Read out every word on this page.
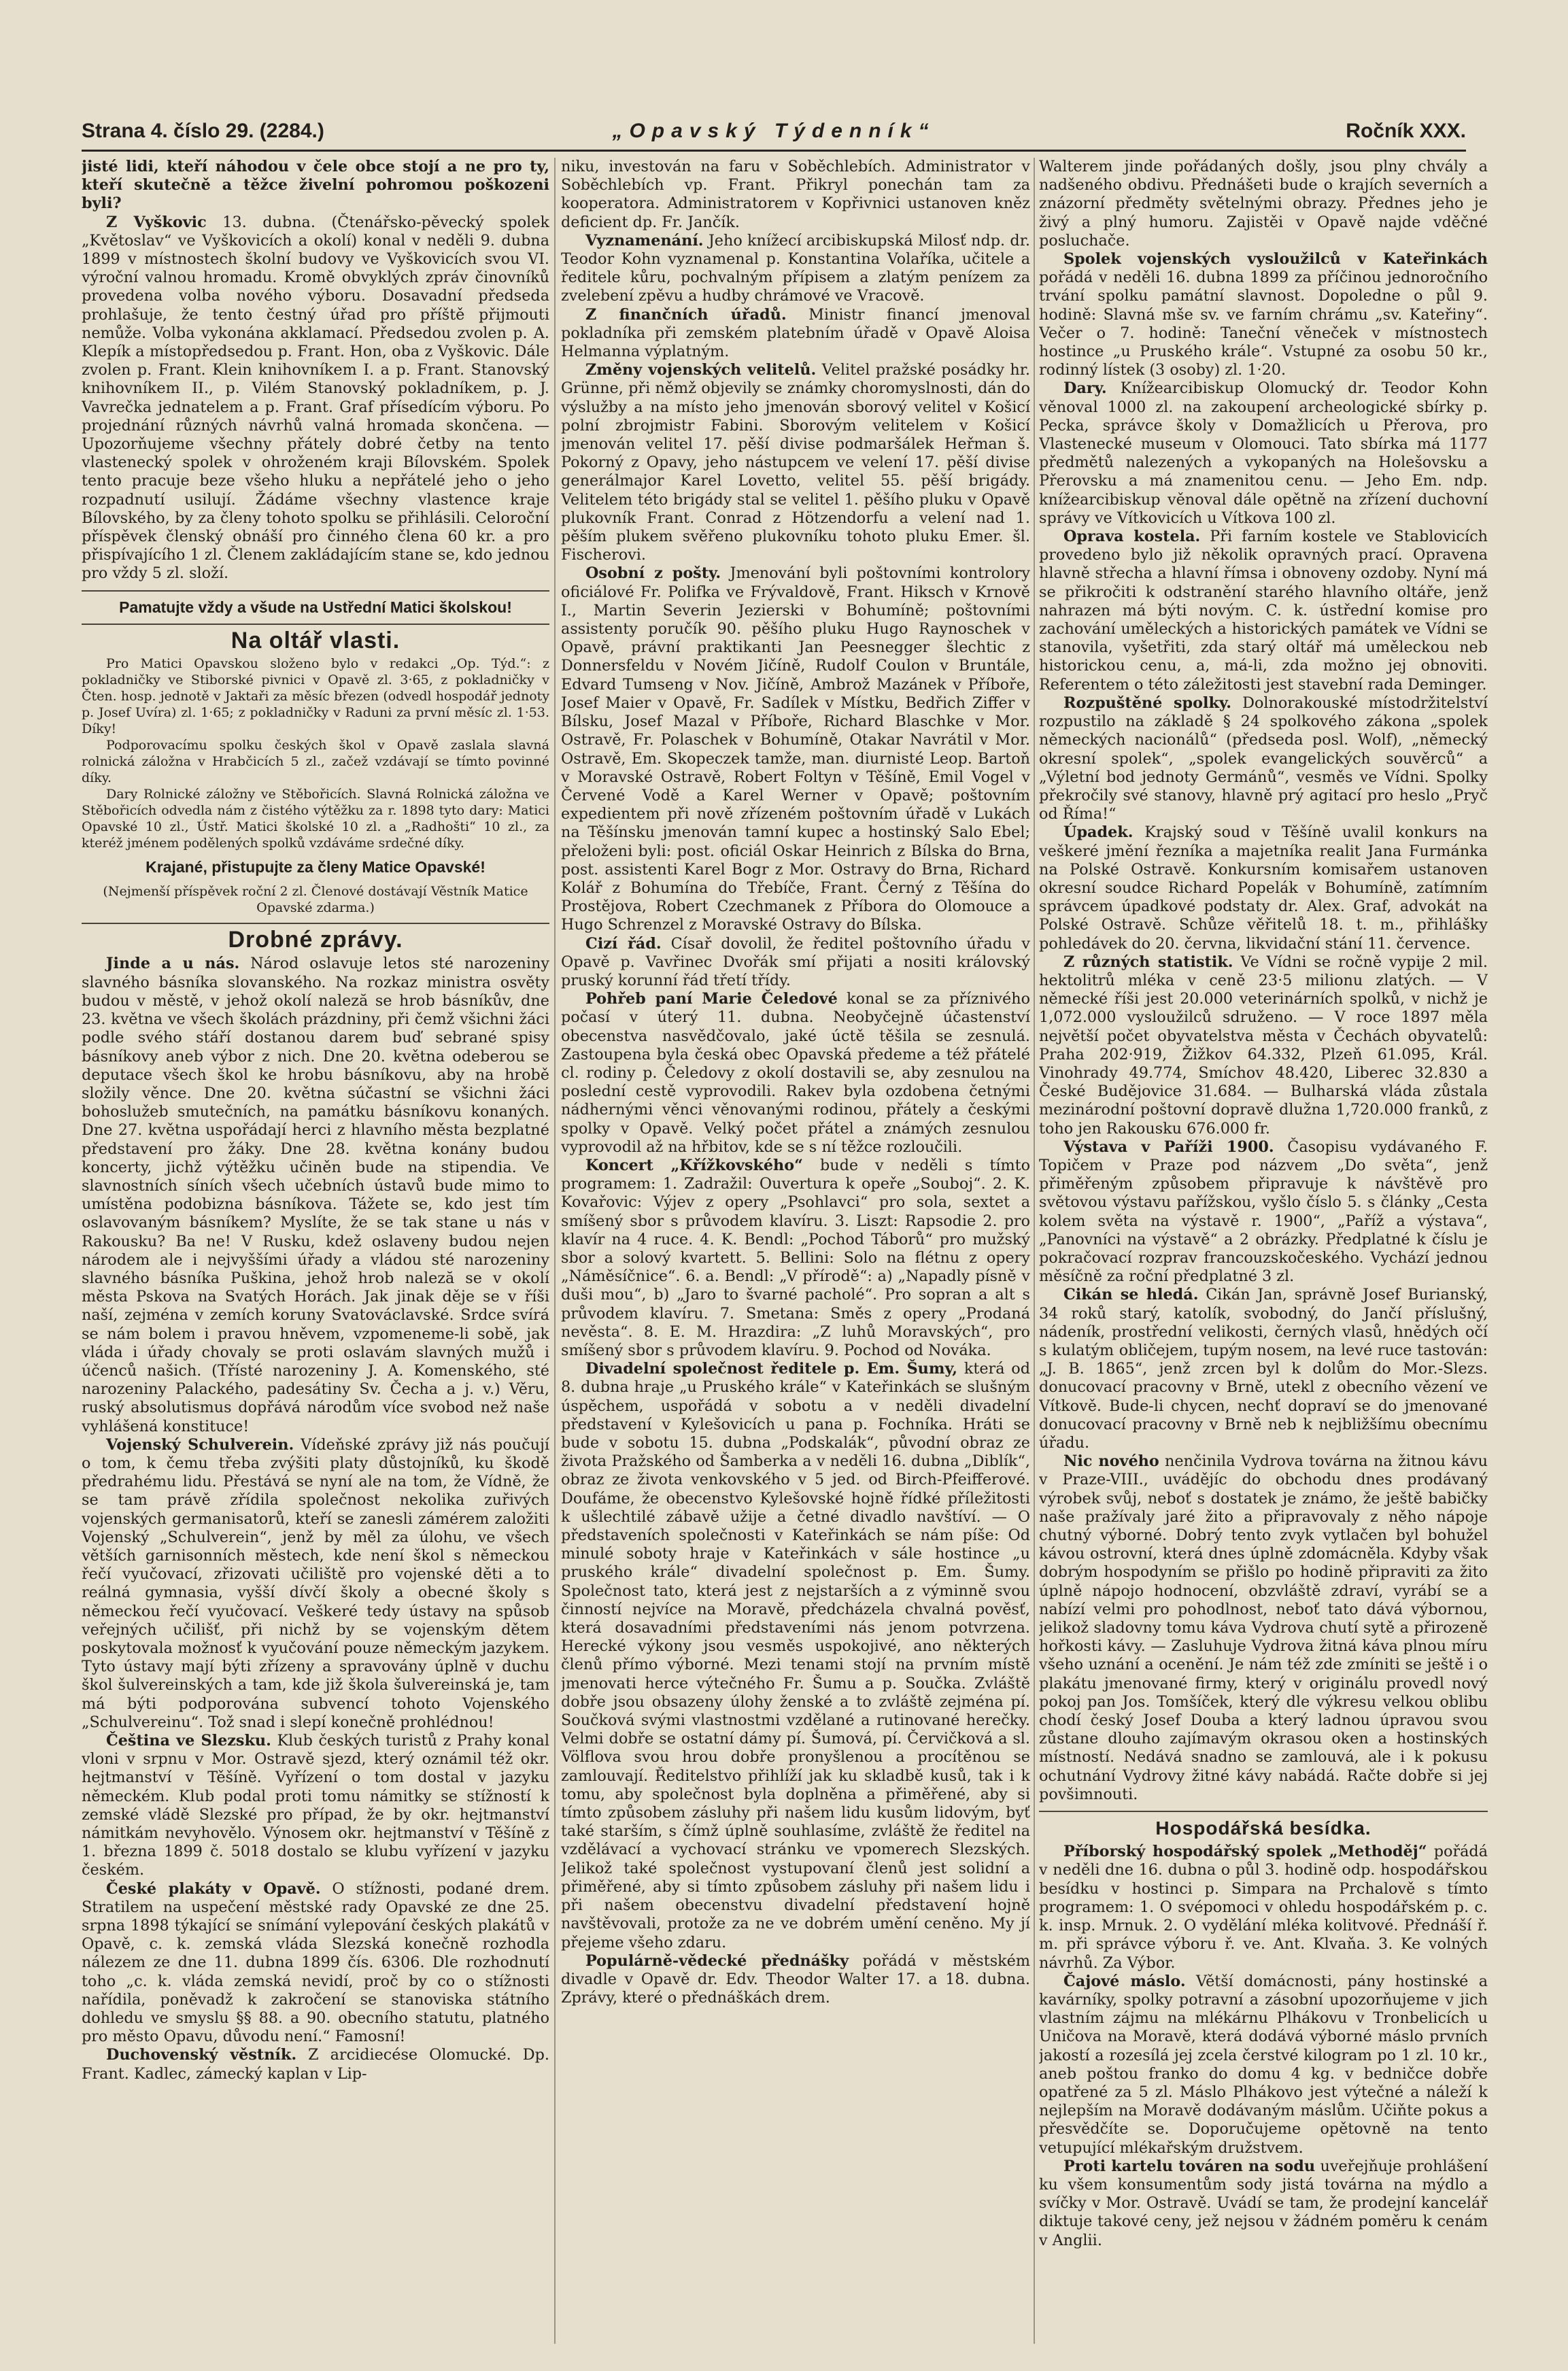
Strana 4. číslo 29. (2284.)	„Opavský Týdenník“	Ročník XXX.

jisté lidi, kteří náhodou v čele obce stojí a ne pro ty, kteří skutečně a těžce živelní pohromou poškozeni byli?

Z Vyškovic 13. dubna. (Čtenářsko-pěvecký spolek „Květoslav“ ve Vyškovicích a okolí) konal v neděli 9. dubna 1899 v místnostech školní budovy ve Vyškovicích svou VI. výroční valnou hromadu. Kromě obvyklých zpráv činovníků provedena volba nového výboru. Dosavadní předseda prohlašuje, že tento čestný úřad pro příště přijmouti nemůže. Volba vykonána akklamací. Předsedou zvolen p. A. Klepík a místopředsedou p. Frant. Hon, oba z Vyškovic. Dále zvolen p. Frant. Klein knihovníkem I. a p. Frant. Stanovský knihovníkem II., p. Vilém Stanovský pokladníkem, p. J. Vavrečka jednatelem a p. Frant. Graf přísedícím výboru. Po projednání různých návrhů valná hromada skončena. — Upozorňujeme všechny přátely dobré četby na tento vlastenecký spolek v ohroženém kraji Bílovském. Spolek tento pracuje beze všeho hluku a nepřátelé jeho o jeho rozpadnutí usilují. Žádáme všechny vlastence kraje Bílovského, by za členy tohoto spolku se přihlásili. Celoroční příspěvek členský obnáší pro činného člena 60 kr. a pro přispívajícího 1 zl. Členem zakládajícím stane se, kdo jednou pro vždy 5 zl. složí.

Pamatujte vždy a všude na Ustřední Matici školskou!

Na oltář vlasti.

Pro Matici Opavskou složeno bylo v redakci „Op. Týd.“: z pokladničky ve Stiborské pivnici v Opavě zl. 3·65, z pokladničky v Čten. hosp. jednotě v Jaktaři za měsíc březen (odvedl hospodář jednoty p. Josef Uvíra) zl. 1·65; z pokladničky v Raduni za první měsíc zl. 1·53. Díky!

Podporovacímu spolku českých škol v Opavě zaslala slavná rolnická záložna v Hrabčicích 5 zl., začež vzdávají se tímto povinné díky.

Dary Rolnické záložny ve Stěbořicích. Slavná Rolnická záložna ve Stěbořicích odvedla nám z čistého výtěžku za r. 1898 tyto dary: Matici Opavské 10 zl., Ústř. Matici školské 10 zl. a „Radhošti“ 10 zl., za kteréž jménem podělených spolků vzdáváme srdečné díky.

Krajané, přistupujte za členy Matice Opavské!

(Nejmenší příspěvek roční 2 zl. Členové dostávají Věstník Matice Opavské zdarma.)

Drobné zprávy.

Jinde a u nás. Národ oslavuje letos sté narozeniny slavného básníka slovanského. Na rozkaz ministra osvěty budou v městě, v jehož okolí naleză se hrob básníkův, dne 23. května ve všech školách prázdniny, při čemž všichni žáci podle svého stáří dostanou darem buď sebrané spisy básníkovy aneb výbor z nich. Dne 20. května odeberou se deputace všech škol ke hrobu básníkovu, aby na hrobě složily věnce. Dne 20. května súčastní se všichni žáci bohoslužeb smutečních, na památku básníkovu konaných. Dne 27. května uspořádají herci z hlavního města bezplatné představení pro žáky. Dne 28. května konány budou koncerty, jichž výtěžku učiněn bude na stipendia. Ve slavnostních síních všech učebních ústavů bude mimo to umístěna podobizna básníkova. Tážete se, kdo jest tím oslavovaným básníkem? Myslíte, že se tak stane u nás v Rakousku? Ba ne! V Rusku, kdež oslaveny budou nejen národem ale i nejvyššími úřady a vládou sté narozeniny slavného básníka Puškina, jehož hrob naleză se v okolí města Pskova na Svatých Horách. Jak jinak děje se v říši naší, zejména v zemích koruny Svatováclavské. Srdce svírá se nám bolem i pravou hněvem, vzpomeneme-li sobě, jak vláda i úřady chovaly se proti oslavám slavných mužů i účenců našich. (Třísté narozeniny J. A. Komenského, sté narozeniny Palackého, padesátiny Sv. Čecha a j. v.) Věru, ruský absolutismus dopřává národům více svobod než naše vyhlášená konstituce!

Vojenský Schulverein. Vídeňské zprávy již nás poučují o tom, k čemu třeba zvýšiti platy důstojníků, ku škodě předrahému lidu. Přestává se nyní ale na tom, že Vídně, že se tam právě zřídila společnost nekolika zuřivých vojenských germanisatorů, kteří se zanesli zámérem založiti Vojenský „Schulverein“, jenž by měl za úlohu, ve všech větších garnisonních městech, kde není škol s německou řečí vyučovací, zřizovati učiliště pro vojenské děti a to reálná gymnasia, vyšší dívčí školy a obecné školy s německou řečí vyučovací. Veškeré tedy ústavy na spůsob veřejných učilišť, při nichž by se vojenským dětem poskytovala možnosť k vyučování pouze německým jazykem. Tyto ústavy mají býti zřízeny a spravovány úplně v duchu škol šulvereinských a tam, kde již škola šulvereinská je, tam má býti podporována subvencí tohoto Vojenského „Schulvereinu“. Tož snad i slepí konečně prohlédnou!

Čeština ve Slezsku. Klub českých turistů z Prahy konal vloni v srpnu v Mor. Ostravě sjezd, který oznámil též okr. hejtmanství v Těšíně. Vyřízení o tom dostal v jazyku německém. Klub podal proti tomu námitky se stížností k zemské vládě Slezské pro případ, že by okr. hejtmanství námitkám nevyhovělo. Výnosem okr. hejtmanství v Těšíně z 1. března 1899 č. 5018 dostalo se klubu vyřízení v jazyku českém.

České plakáty v Opavě. O stížnosti, podané drem. Stratilem na uspečení městské rady Opavské ze dne 25. srpna 1898 týkající se snímání vylepování českých plakátů v Opavě, c. k. zemská vláda Slezská konečně rozhodla nálezem ze dne 11. dubna 1899 čís. 6306. Dle rozhodnutí toho „c. k. vláda zemská nevidí, proč by co o stížnosti nařídila, poněvadž k zakročení se stanoviska státního dohledu ve smyslu §§ 88. a 90. obecního statutu, platného pro město Opavu, důvodu není.“ Famosní!

Duchovenský věstník. Z arcidiecése Olomucké. Dp. Frant. Kadlec, zámecký kaplan v Lip-

niku, investován na faru v Soběchlebích. Administrator v Soběchlebích vp. Frant. Přikryl ponechán tam za kooperatora. Administratorem v Kopřivnici ustanoven kněz deficient dp. Fr. Jančík.

Vyznamenání. Jeho knížecí arcibiskupská Milosť ndp. dr. Teodor Kohn vyznamenal p. Konstantina Volaříka, učitele a ředitele kůru, pochvalným přípisem a zlatým penízem za zvelebení zpěvu a hudby chrámové ve Vracově.

Z finančních úřadů. Ministr financí jmenoval pokladníka při zemském platebním úřadě v Opavě Aloisa Helmanna výplatným.

Změny vojenských velitelů. Velitel pražské posádky hr. Grünne, při němž objevily se známky choromyslnosti, dán do výslužby a na místo jeho jmenován sborový velitel v Košicí polní zbrojmistr Fabini. Sborovým velitelem v Košicí jmenován velitel 17. pěší divise podmaršálek Heřman š. Pokorný z Opavy, jeho nástupcem ve velení 17. pěší divise generálmajor Karel Lovetto, velitel 55. pěší brigády. Velitelem této brigády stal se velitel 1. pěšího pluku v Opavě plukovník Frant. Conrad z Hötzendorfu a velení nad 1. pěším plukem svěřeno plukovníku tohoto pluku Emer. šl. Fischerovi.

Osobní z pošty. Jmenování byli poštovními kontrolory oficiálové Fr. Polifka ve Frývaldově, Frant. Hiksch v Krnově I., Martin Severin Jezierski v Bohumíně; poštovními assistenty poručík 90. pěšího pluku Hugo Raynoschek v Opavě, právní praktikanti Jan Peesnegger šlechtic z Donnersfeldu v Novém Jičíně, Rudolf Coulon v Bruntále, Edvard Tumseng v Nov. Jičíně, Ambrož Mazánek v Příboře, Josef Maier v Opavě, Fr. Sadílek v Místku, Bedřich Ziffer v Bílsku, Josef Mazal v Příboře, Richard Blaschke v Mor. Ostravě, Fr. Polaschek v Bohumíně, Otakar Navrátil v Mor. Ostravě, Em. Skopeczek tamže, man. diurnisté Leop. Bartoň v Moravské Ostravě, Robert Foltyn v Těšíně, Emil Vogel v Červené Vodě a Karel Werner v Opavě; poštovním expedientem při nově zřízeném poštovním úřadě v Lukách na Těšínsku jmenován tamní kupec a hostinský Salo Ebel; přeloženi byli: post. oficiál Oskar Heinrich z Bílska do Brna, post. assistenti Karel Bogr z Mor. Ostravy do Brna, Richard Kolář z Bohumína do Třebíče, Frant. Černý z Těšína do Prostějova, Robert Czechmanek z Příbora do Olomouce a Hugo Schrenzel z Moravské Ostravy do Bílska.

Cizí řád. Císař dovolil, že ředitel poštovního úřadu v Opavě p. Vavřinec Dvořák smí přijati a nositi královský pruský korunní řád třetí třídy.

Pohřeb paní Marie Čeledové konal se za příznivého počasí v úterý 11. dubna. Neobyčejně účastenství obecenstva nasvědčovalo, jaké úctě těšila se zesnulá. Zastoupena byla česká obec Opavská předeme a též přátelé cl. rodiny p. Čeledovy z okolí dostavili se, aby zesnulou na poslední cestě vyprovodili. Rakev byla ozdobena četnými nádhernými věnci věnovanými rodinou, přátely a českými spolky v Opavě. Velký počet přátel a známých zesnulou vyprovodil až na hřbitov, kde se s ní těžce rozloučili.

Koncert „Křížkovského“ bude v neděli s tímto programem: 1. Zadražil: Ouvertura k opeře „Souboj“. 2. K. Kovařovic: Výjev z opery „Psohlavci“ pro sola, sextet a smíšený sbor s průvodem klavíru. 3. Liszt: Rapsodie 2. pro klavír na 4 ruce. 4. K. Bendl: „Pochod Táborů“ pro mužský sbor a solový kvartett. 5. Bellini: Solo na flétnu z opery „Náměsíčnice“. 6. a. Bendl: „V přírodě“: a) „Napadly písně v duši mou“, b) „Jaro to švarné pacholé“. Pro sopran a alt s průvodem klavíru. 7. Smetana: Směs z opery „Prodaná nevěsta“. 8. E. M. Hrazdira: „Z luhů Moravských“, pro smíšený sbor s průvodem klavíru. 9. Pochod od Nováka.

Divadelní společnost ředitele p. Em. Šumy, která od 8. dubna hraje „u Pruského krále“ v Kateřinkách se slušným úspěchem, uspořádá v sobotu a v neděli divadelní představení v Kylešovicích u pana p. Fochníka. Hráti se bude v sobotu 15. dubna „Podskalák“, původní obraz ze života Pražského od Šamberka a v neděli 16. dubna „Diblík“, obraz ze života venkovského v 5 jed. od Birch-Pfeifferové. Doufáme, že obecenstvo Kylešovské hojně řídké příležitosti k ušlechtilé zábavě užije a četné divadlo navštíví. — O představeních společnosti v Kateřinkách se nám píše: Od minulé soboty hraje v Kateřinkách v sále hostince „u pruského krále“ divadelní společnost p. Em. Šumy. Společnost tato, která jest z nejstarších a z výminně svou činností nejvíce na Moravě, předcházela chvalná pověsť, která dosavadními představeními nás jenom potvrzena. Herecké výkony jsou vesměs uspokojivé, ano některých členů přímo výborné. Mezi tenami stojí na prvním místě jmenovati herce výtečného Fr. Šumu a p. Součka. Zvláště dobře jsou obsazeny úlohy ženské a to zvláště zejména pí. Součková svými vlastnostmi vzdělané a rutinované herečky. Velmi dobře se ostatní dámy pí. Šumová, pí. Červičková a sl. Völflova svou hrou dobře pronyšlenou a procítěnou se zamlouvají. Ředitelstvo přihlíží jak ku skladbě kusů, tak i k tomu, aby společnost byla doplněna a přiměřené, aby si tímto způsobem zásluhy při našem lidu kusům lidovým, byť také starším, s čímž úplně souhlasíme, zvláště že ředitel na vzdělávací a vychovací stránku ve vpomerech Slezských. Jelikož také společnost vystupovaní členů jest solidní a přiměřené, aby si tímto způsobem zásluhy při našem lidu i při našem obecenstvu divadelní představení hojně navštěvovali, protože za ne ve dobrém umění ceněno. My jí přejeme všeho zdaru.

Populárně-vědecké přednášky pořádá v městském divadle v Opavě dr. Edv. Theodor Walter 17. a 18. dubna. Zprávy, které o přednáškách drem.

Walterem jinde pořádaných došly, jsou plny chvály a nadšeného obdivu. Přednášeti bude o krajích severních a znázorní předměty světelnými obrazy. Přednes jeho je živý a plný humoru. Zajistěi v Opavě najde vděčné posluchače.

Spolek vojenských vysloužilců v Kateřinkách pořádá v neděli 16. dubna 1899 za příčinou jednoročního trvání spolku památní slavnost. Dopoledne o půl 9. hodině: Slavná mše sv. ve farním chrámu „sv. Kateřiny“. Večer o 7. hodině: Taneční věneček v místnostech hostince „u Pruského krále“. Vstupné za osobu 50 kr., rodinný lístek (3 osoby) zl. 1·20.

Dary. Knížearcibiskup Olomucký dr. Teodor Kohn věnoval 1000 zl. na zakoupení archeologické sbírky p. Pecka, správce školy v Domažlicích u Přerova, pro Vlastenecké museum v Olomouci. Tato sbírka má 1177 předmětů nalezených a vykopaných na Holešovsku a Přerovsku a má znamenitou cenu. — Jeho Em. ndp. knížearcibiskup věnoval dále opětně na zřízení duchovní správy ve Vítkovicích u Vítkova 100 zl.

Oprava kostela. Při farním kostele ve Stablovicích provedeno bylo již několik opravných prací. Opravena hlavně střecha a hlavní římsa i obnoveny ozdoby. Nyní má se přikročiti k odstranění starého hlavního oltáře, jenž nahrazen má býti novým. C. k. ústřední komise pro zachování uměleckých a historických památek ve Vídni se stanovila, vyšetřiti, zda starý oltář má uměleckou neb historickou cenu, a, má-li, zda možno jej obnoviti. Referentem o této záležitosti jest stavební rada Deminger.

Rozpuštěné spolky. Dolnorakouské místodržitelství rozpustilo na základě § 24 spolkového zákona „spolek německých nacionálů“ (předseda posl. Wolf), „německý okresní spolek“, „spolek evangelických souvěrců“ a „Výletní bod jednoty Germánů“, vesměs ve Vídni. Spolky překročily své stanovy, hlavně prý agitací pro heslo „Pryč od Říma!“

Úpadek. Krajský soud v Těšíně uvalil konkurs na veškeré jmění řezníka a majetníka realit Jana Furmánka na Polské Ostravě. Konkursním komisařem ustanoven okresní soudce Richard Popelák v Bohumíně, zatímním správcem úpadkové podstaty dr. Alex. Graf, advokát na Polské Ostravě. Schůze věřitelů 18. t. m., přihlášky pohledávek do 20. června, likvidační stání 11. července.

Z různých statistik. Ve Vídni se ročně vypije 2 mil. hektolitrů mléka v ceně 23·5 milionu zlatých. — V německé říši jest 20.000 veterinárních spolků, v nichž je 1,072.000 vysloužilců sdruženo. — V roce 1897 měla největší počet obyvatelstva města v Čechách obyvatelů: Praha 202·919, Žižkov 64.332, Plzeň 61.095, Král. Vinohrady 49.774, Smíchov 48.420, Liberec 32.830 a České Budějovice 31.684. — Bulharská vláda zůstala mezinárodní poštovní dopravě dlužna 1,720.000 franků, z toho jen Rakousku 676.000 fr.

Výstava v Paříži 1900. Časopisu vydávaného F. Topičem v Praze pod názvem „Do světa“, jenž přiměřeným způsobem připravuje k návštěvě pro světovou výstavu pařížskou, vyšlo číslo 5. s články „Cesta kolem světa na výstavě r. 1900“, „Paříž a výstava“, „Panovníci na výstavě“ a 2 obrázky. Předplatné k číslu je pokračovací rozprav francouzskočeského. Vychází jednou měsíčně za roční předplatné 3 zl.

Cikán se hledá. Cikán Jan, správně Josef Burianský, 34 roků starý, katolík, svobodný, do Jančí příslušný, nádeník, prostřední velikosti, černých vlasů, hnědých očí s kulatým obličejem, tupým nosem, na levé ruce tastován: „J. B. 1865“, jenž zrcen byl k dolům do Mor.-Slezs. donucovací pracovny v Brně, utekl z obecního vězení ve Vítkově. Bude-li chycen, nechť dopraví se do jmenované donucovací pracovny v Brně neb k nejbližšímu obecnímu úřadu.

Nic nového nenčinila Vydrova továrna na žitnou kávu v Praze-VIII., uvádějíc do obchodu dnes prodávaný výrobek svůj, neboť s dostatek je známo, že ještě babičky naše pražívaly jaré žito a připravovaly z něho nápoje chutný výborné. Dobrý tento zvyk vytlačen byl bohužel kávou ostrovní, která dnes úplně zdomácněla. Kdyby však dobrým hospodyním se přišlo po hodině připraviti za žito úplně nápojo hodnocení, obzvláště zdraví, vyrábí se a nabízí velmi pro pohodlnost, neboť tato dává výbornou, jelikož sladovny tomu káva Vydrova chutí sytě a přirozeně hořkosti kávy. — Zasluhuje Vydrova žitná káva plnou míru všeho uznání a ocenění. Je nám též zde zmíniti se ještě i o plakátu jmenované firmy, který v originálu provedl nový pokoj pan Jos. Tomšíček, který dle výkresu velkou oblibu chodí český Josef Douba a který ladnou úpravou svou zůstane dlouho zajímavým okrasou oken a hostinských místností. Nedává snadno se zamlouvá, ale i k pokusu ochutnání Vydrovy žitné kávy nabádá. Račte dobře si jej povšimnouti.

Hospodářská besídka.

Příborský hospodářský spolek „Methoděj“ pořádá v neděli dne 16. dubna o půl 3. hodině odp. hospodářskou besídku v hostinci p. Simpara na Prchalově s tímto programem: 1. O svépomoci v ohledu hospodářském p. c. k. insp. Mrnuk. 2. O vydělání mléka kolitvové. Přednáší ř. m. při správce výboru ř. ve. Ant. Klvaňa. 3. Ke volných návrhů. Za Výbor.

Čajové máslo. Větší domácnosti, pány hostinské a kavárníky, spolky potravní a zásobní upozorňujeme v jich vlastním zájmu na mlékárnu Plhákovu v Tronbelicích u Uničova na Moravě, která dodává výborné máslo prvních jakostí a rozesílá jej zcela čerstvé kilogram po 1 zl. 10 kr., aneb poštou franko do domu 4 kg. v bedničce dobře opatřené za 5 zl. Máslo Plhákovo jest výtečné a náleží k nejlepším na Moravě dodávaným máslům. Učiňte pokus a přesvědčíte se. Doporučujeme opětovně na tento vetupující mlékařským družstvem.

Proti kartelu továren na sodu uveřejňuje prohlášení ku všem konsumentům sody jistá továrna na mýdlo a svíčky v Mor. Ostravě. Uvádí se tam, že prodejní kancelář diktuje takové ceny, jež nejsou v žádném poměru k cenám v Anglii.
